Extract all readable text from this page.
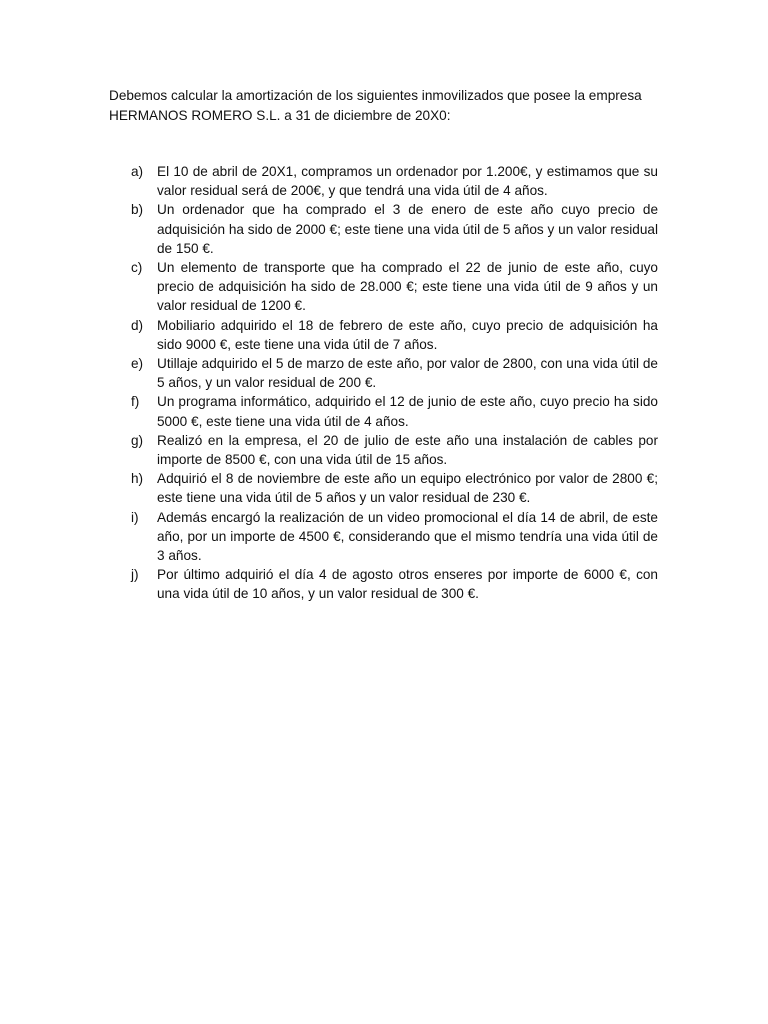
Debemos calcular la amortización de los siguientes inmovilizados que posee la empresa HERMANOS ROMERO S.L. a 31 de diciembre de 20X0:

a)	El 10 de abril de 20X1, compramos un ordenador por 1.200€, y estimamos que su valor residual será de 200€, y que tendrá una vida útil de 4 años.
b)	Un ordenador que ha comprado el 3 de enero de este año cuyo precio de adquisición ha sido de 2000 €; este tiene una vida útil de 5 años y un valor residual de 150 €.
c)	Un elemento de transporte que ha comprado el 22 de junio de este año, cuyo precio de adquisición ha sido de 28.000 €; este tiene una vida útil de 9 años y un valor residual de 1200 €.
d)	Mobiliario adquirido el 18 de febrero de este año, cuyo precio de adquisición ha sido 9000 €, este tiene una vida útil de 7 años.
e)	Utillaje adquirido el 5 de marzo de este año, por valor de 2800, con una vida útil de 5 años, y un valor residual de 200 €.
f)	Un programa informático, adquirido el 12 de junio de este año, cuyo precio ha sido 5000 €, este tiene una vida útil de 4 años.
g)	Realizó en la empresa, el 20 de julio de este año una instalación de cables por importe de 8500 €, con una vida útil de 15 años.
h)	Adquirió el 8 de noviembre de este año un equipo electrónico por valor de 2800 €; este tiene una vida útil de 5 años y un valor residual de 230 €.
i)	Además encargó la realización de un video promocional el día 14 de abril, de este año, por un importe de 4500 €, considerando que el mismo tendría una vida útil de 3 años.
j)	Por último adquirió el día 4 de agosto otros enseres por importe de 6000 €, con una vida útil de 10 años, y un valor residual de 300 €.
